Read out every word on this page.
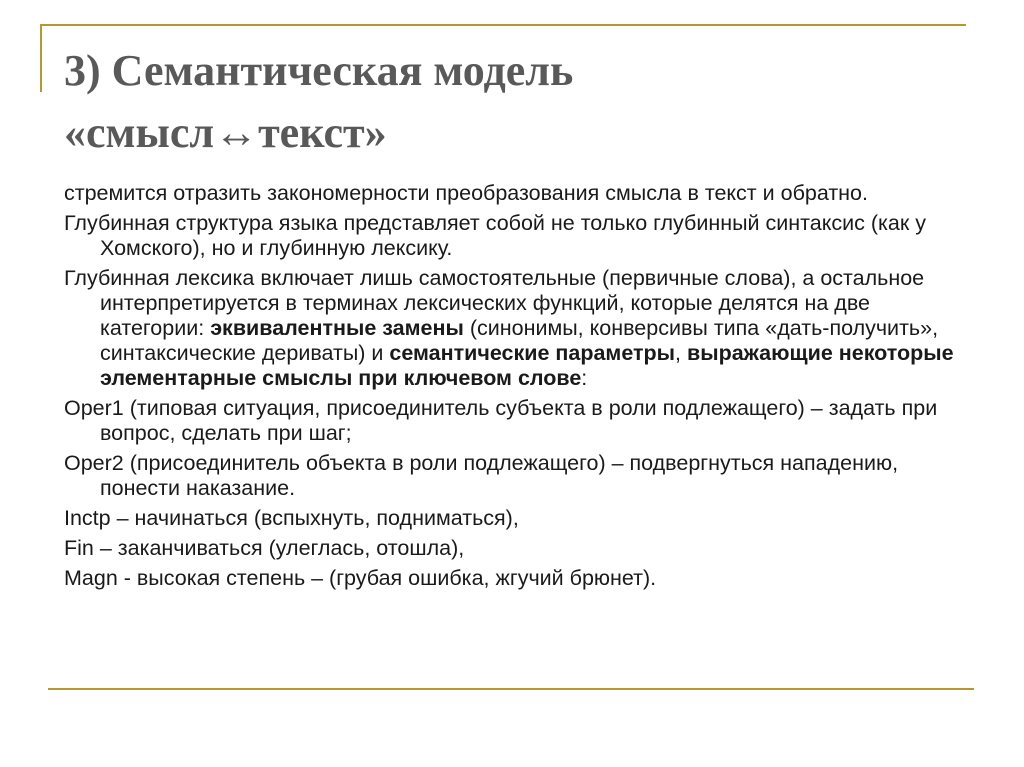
3) Семантическая модель
«смысл↔текст»
стремится отразить закономерности преобразования смысла в текст и обратно.
Глубинная структура языка представляет собой не только глубинный синтаксис (как у Хомского), но и глубинную лексику.
Глубинная лексика включает лишь самостоятельные (первичные слова), а остальное интерпретируется в терминах лексических функций, которые делятся на две категории: эквивалентные замены (синонимы, конверсивы типа «дать-получить», синтаксические дериваты) и семантические параметры, выражающие некоторые элементарные смыслы при ключевом слове:
Oper1 (типовая ситуация, присоединитель субъекта в роли подлежащего) – задать при вопрос, сделать при шаг;
Oper2 (присоединитель объекта в роли подлежащего) – подвергнуться нападению, понести наказание.
Inctp – начинаться (вспыхнуть, подниматься),
Fin – заканчиваться (улеглась, отошла),
Magn - высокая степень – (грубая ошибка, жгучий брюнет).
